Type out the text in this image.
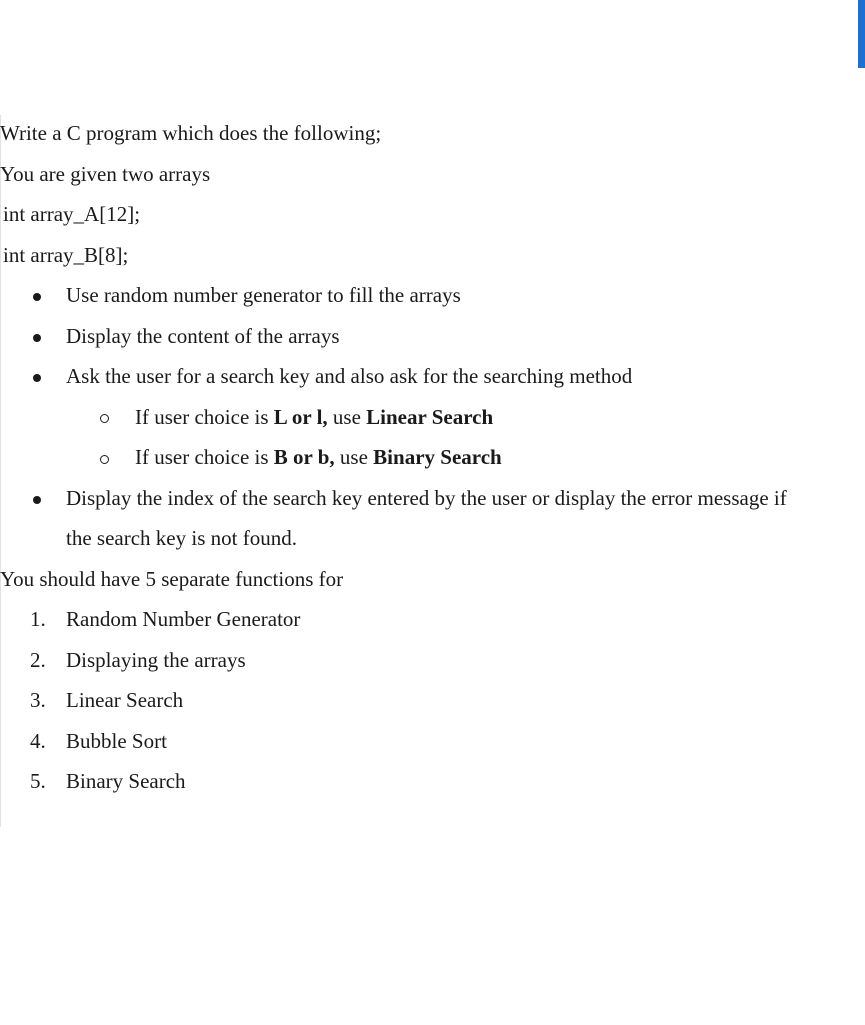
Write a C program which does the following;
You are given two arrays
int array_A[12];
int array_B[8];
Use random number generator to fill the arrays
Display the content of the arrays
Ask the user for a search key and also ask for the searching method
If user choice is L or l, use Linear Search
If user choice is B or b, use Binary Search
Display the index of the search key entered by the user or display the error message if
the search key is not found.
You should have 5 separate functions for
1. Random Number Generator
2. Displaying the arrays
3. Linear Search
4. Bubble Sort
5. Binary Search
